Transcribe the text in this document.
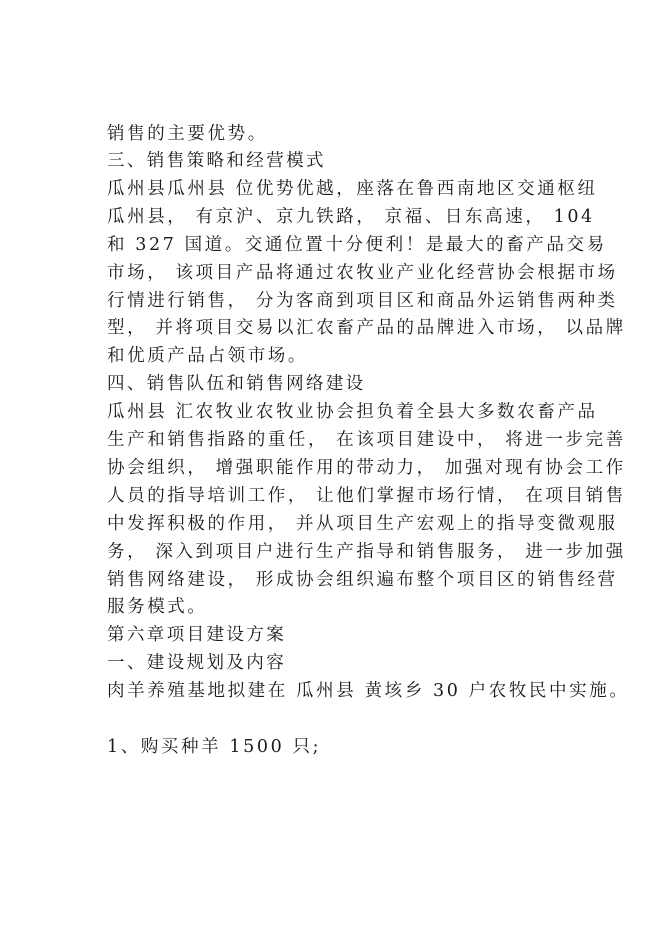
销售的主要优势。

三、销售策略和经营模式

瓜州县瓜州县 位优势优越，座落在鲁西南地区交通枢纽

瓜州县， 有京沪、京九铁路， 京福、日东高速， 104

和 327 国道。交通位置十分便利！是最大的畜产品交易

市场， 该项目产品将通过农牧业产业化经营协会根据市场

行情进行销售， 分为客商到项目区和商品外运销售两种类

型， 并将项目交易以汇农畜产品的品牌进入市场， 以品牌

和优质产品占领市场。

四、销售队伍和销售网络建设

瓜州县 汇农牧业农牧业协会担负着全县大多数农畜产品

生产和销售指路的重任， 在该项目建设中， 将进一步完善

协会组织， 增强职能作用的带动力， 加强对现有协会工作

人员的指导培训工作， 让他们掌握市场行情， 在项目销售

中发挥积极的作用， 并从项目生产宏观上的指导变微观服

务， 深入到项目户进行生产指导和销售服务， 进一步加强

销售网络建设， 形成协会组织遍布整个项目区的销售经营

服务模式。

第六章项目建设方案

一、建设规划及内容

肉羊养殖基地拟建在 瓜州县 黄垓乡 30 户农牧民中实施。

1、购买种羊 1500 只;
